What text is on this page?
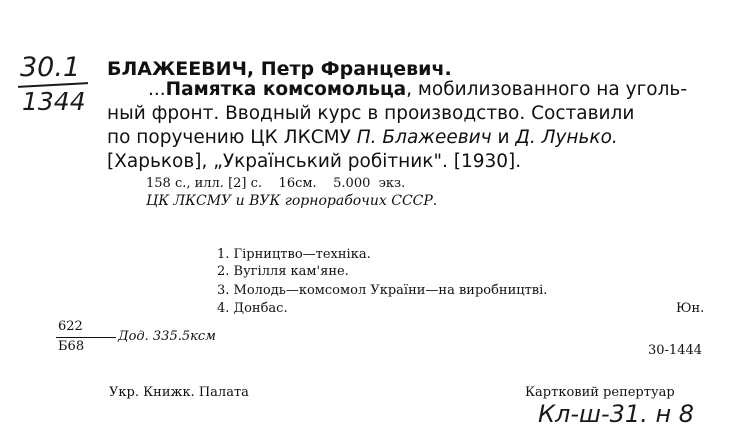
30.1
1344
БЛАЖЕЕВИЧ, Петр Францевич.
...Памятка комсомольца, мобилизованного на уголь-
ный фронт. Вводный курс в производство. Составили
по поручению ЦК ЛКСМУ П. Блажеевич и Д. Лунько.
[Харьков], „Український робітник". [1930].
158 с., илл. [2] с.    16см.    5.000  экз.
ЦК ЛКСМУ и ВУК горнорабочих СССР.
1. Гірництво—техніка.
2. Вугілля кам'яне.
3. Молодь—комсомол України—на виробництві.
4. Донбас.	Юн.
622
Б68
Дод. 335.5ксм
30-1444
Укр. Книжк. Палата	Картковий репертуар
Кл-ш-31. н 8
